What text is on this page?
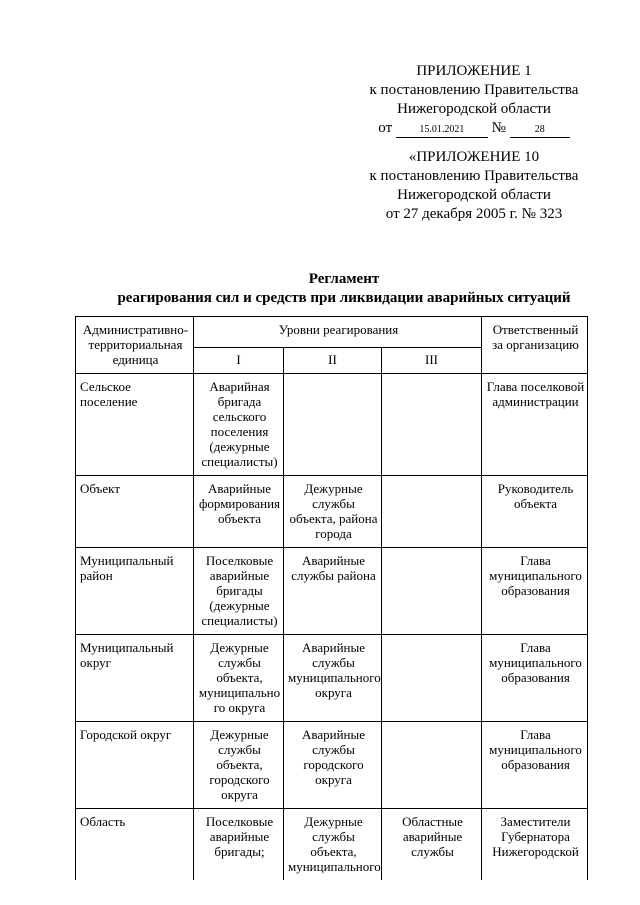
ПРИЛОЖЕНИЕ 1
к постановлению Правительства
Нижегородской области
от	15.01.2021 №	28
«ПРИЛОЖЕНИЕ 10
к постановлению Правительства
Нижегородской области
от 27 декабря 2005 г. № 323
Регламент
реагирования сил и средств при ликвидации аварийных ситуаций
Административно-территориальная единица	Уровни реагирования			Ответственный за организацию
	I	II	III	
Сельское поселение	Аварийная бригада сельского поселения (дежурные специалисты)			Глава поселковой администрации
Объект	Аварийные формирования объекта	Дежурные службы объекта, района города		Руководитель объекта
Муниципальный район	Поселковые аварийные бригады (дежурные специалисты)	Аварийные службы района		Глава муниципального образования
Муниципальный округ	Дежурные службы объекта, муниципально го округа	Аварийные службы муниципального округа		Глава муниципального образования
Городской округ	Дежурные службы объекта, городского округа	Аварийные службы городского округа		Глава муниципального образования
Область	Поселковые аварийные бригады;	Дежурные службы объекта, муниципального	Областные аварийные службы	Заместители Губернатора Нижегородской
